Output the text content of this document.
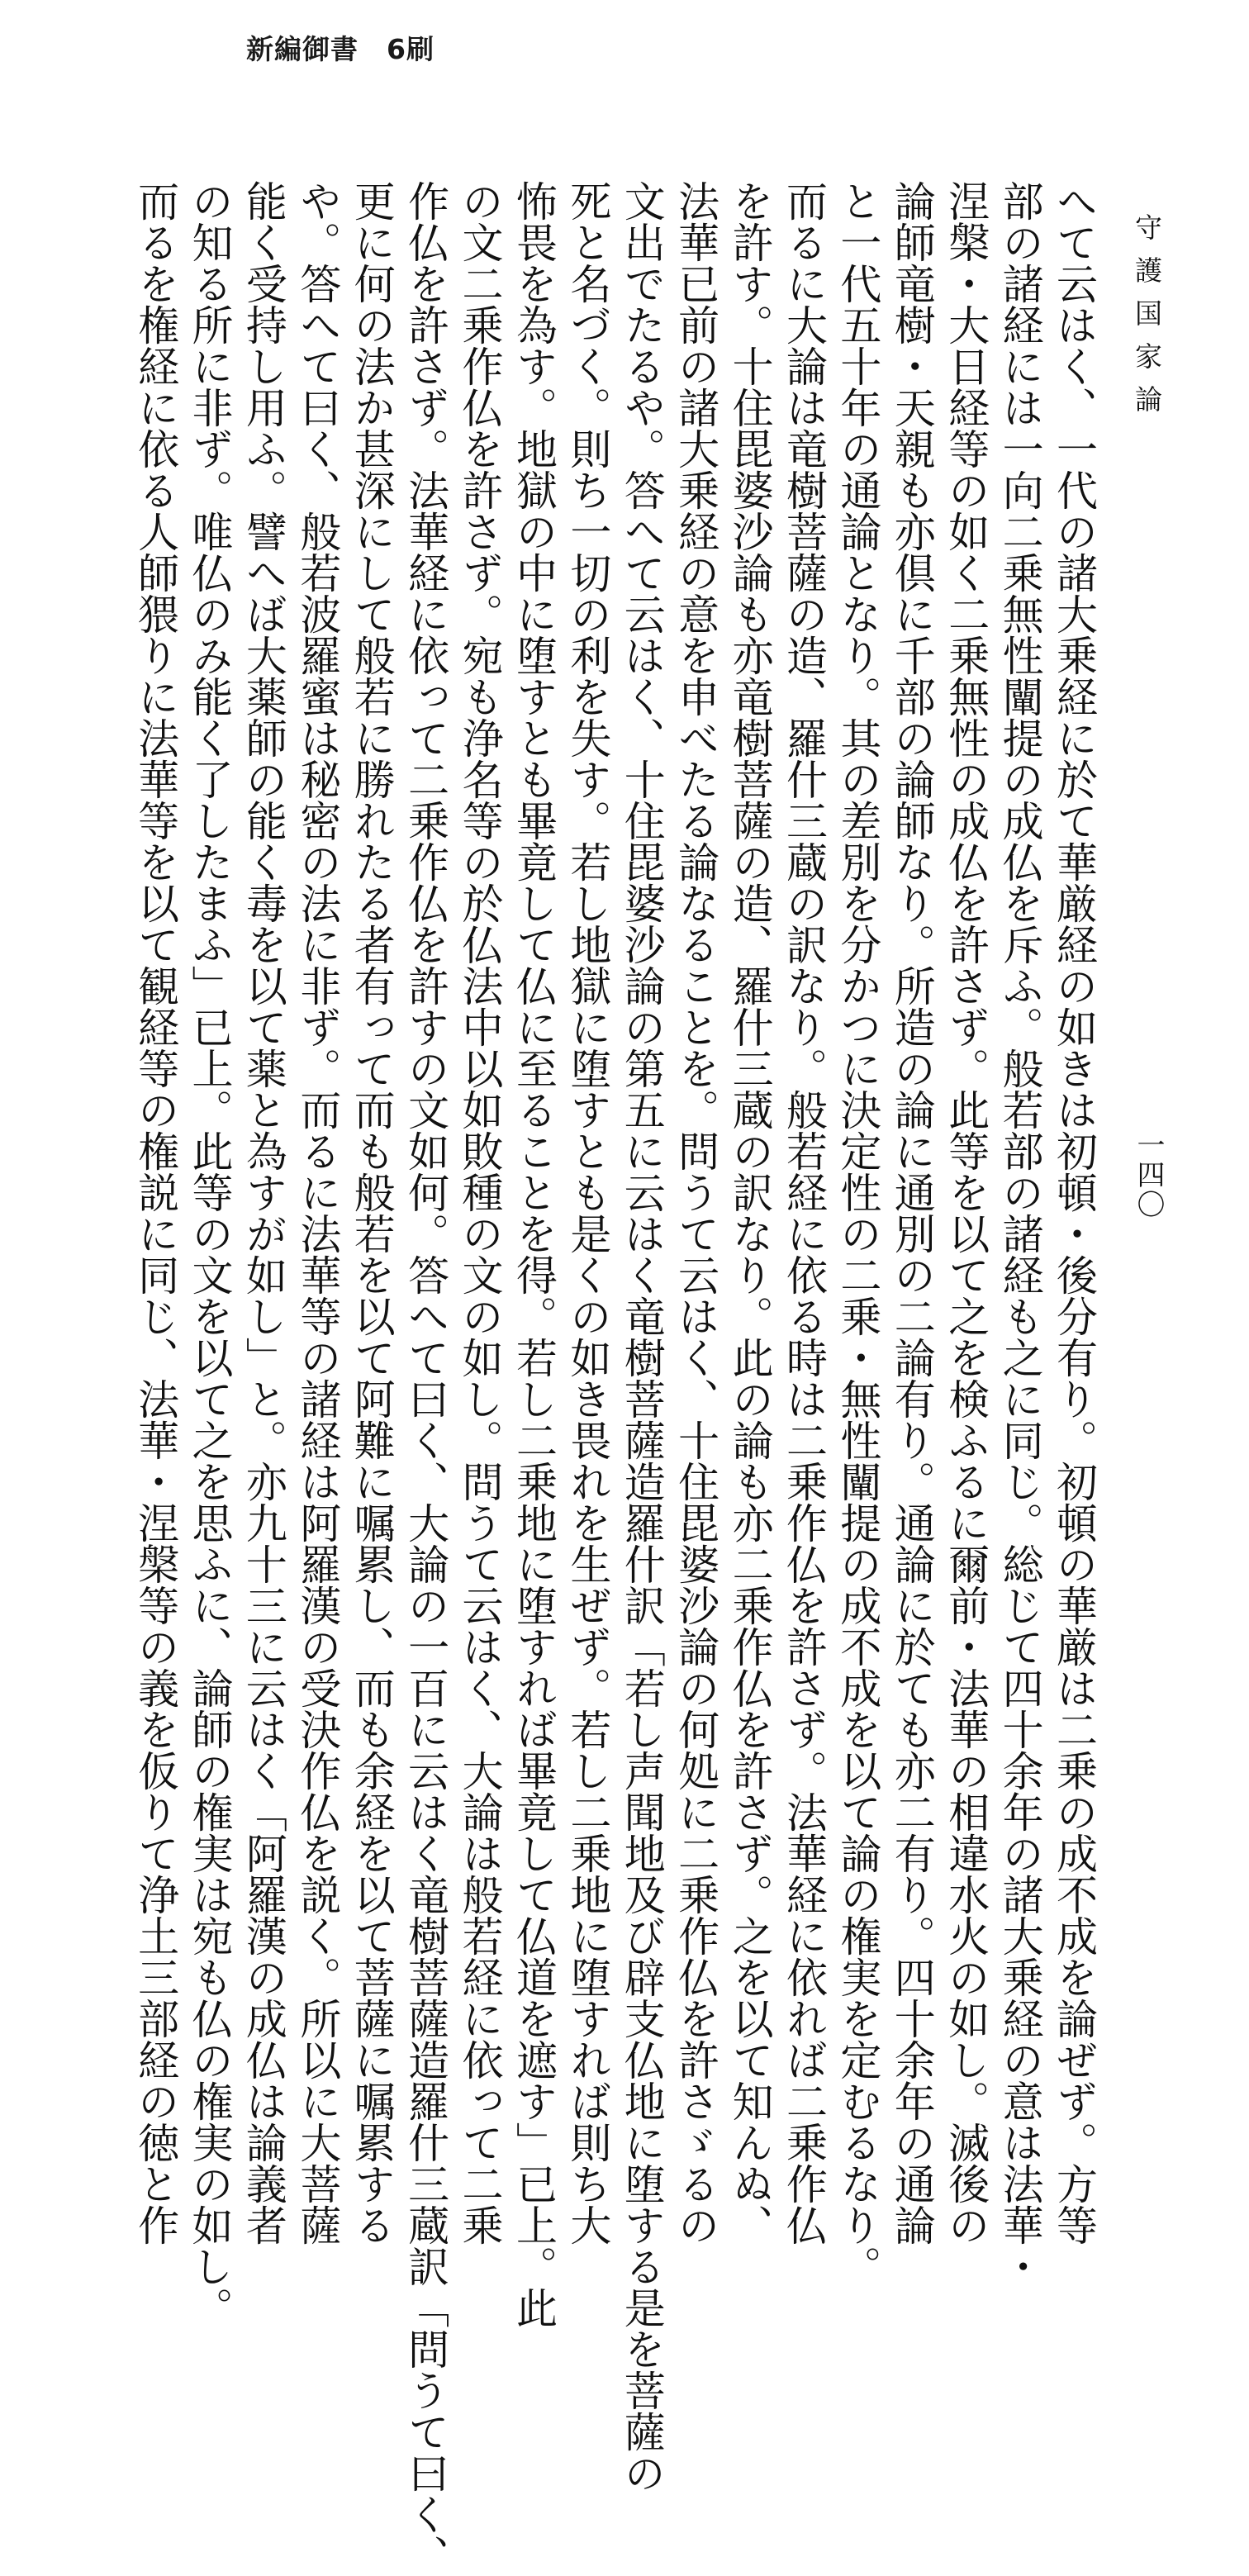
新編御書　6刷
守護国家論
一四〇
へて云はく、一代の諸大乗経に於て華厳経の如きは初頓・後分有り。初頓の華厳は二乗の成不成を論ぜず。方等
部の諸経には一向二乗無性闡提の成仏を斥ふ。般若部の諸経も之に同じ。総じて四十余年の諸大乗経の意は法華・
涅槃・大日経等の如く二乗無性の成仏を許さず。此等を以て之を検ふるに爾前・法華の相違水火の如し。滅後の
論師竜樹・天親も亦倶に千部の論師なり。所造の論に通別の二論有り。通論に於ても亦二有り。四十余年の通論
と一代五十年の通論となり。其の差別を分かつに決定性の二乗・無性闡提の成不成を以て論の権実を定むるなり。
而るに大論は竜樹菩薩の造、羅什三蔵の訳なり。般若経に依る時は二乗作仏を許さず。法華経に依れば二乗作仏
を許す。十住毘婆沙論も亦竜樹菩薩の造、羅什三蔵の訳なり。此の論も亦二乗作仏を許さず。之を以て知んぬ、
法華已前の諸大乗経の意を申べたる論なることを。問うて云はく、十住毘婆沙論の何処に二乗作仏を許さゞるの
文出でたるや。答へて云はく、十住毘婆沙論の第五に云はく竜樹菩薩造羅什訳「若し声聞地及び辟支仏地に堕する是を菩薩の
死と名づく。則ち一切の利を失す。若し地獄に堕すとも是くの如き畏れを生ぜず。若し二乗地に堕すれば則ち大
怖畏を為す。地獄の中に堕すとも畢竟して仏に至ることを得。若し二乗地に堕すれば畢竟して仏道を遮す」已上。此
の文二乗作仏を許さず。宛も浄名等の於仏法中以如敗種の文の如し。問うて云はく、大論は般若経に依って二乗
作仏を許さず。法華経に依って二乗作仏を許すの文如何。答へて曰く、大論の一百に云はく竜樹菩薩造羅什三蔵訳「問うて曰く、
更に何の法か甚深にして般若に勝れたる者有って而も般若を以て阿難に嘱累し、而も余経を以て菩薩に嘱累する
や。答へて曰く、般若波羅蜜は秘密の法に非ず。而るに法華等の諸経は阿羅漢の受決作仏を説く。所以に大菩薩
能く受持し用ふ。譬へば大薬師の能く毒を以て薬と為すが如し」と。亦九十三に云はく「阿羅漢の成仏は論義者
の知る所に非ず。唯仏のみ能く了したまふ」已上。此等の文を以て之を思ふに、論師の権実は宛も仏の権実の如し。
而るを権経に依る人師猥りに法華等を以て観経等の権説に同じ、法華・涅槃等の義を仮りて浄土三部経の徳と作
